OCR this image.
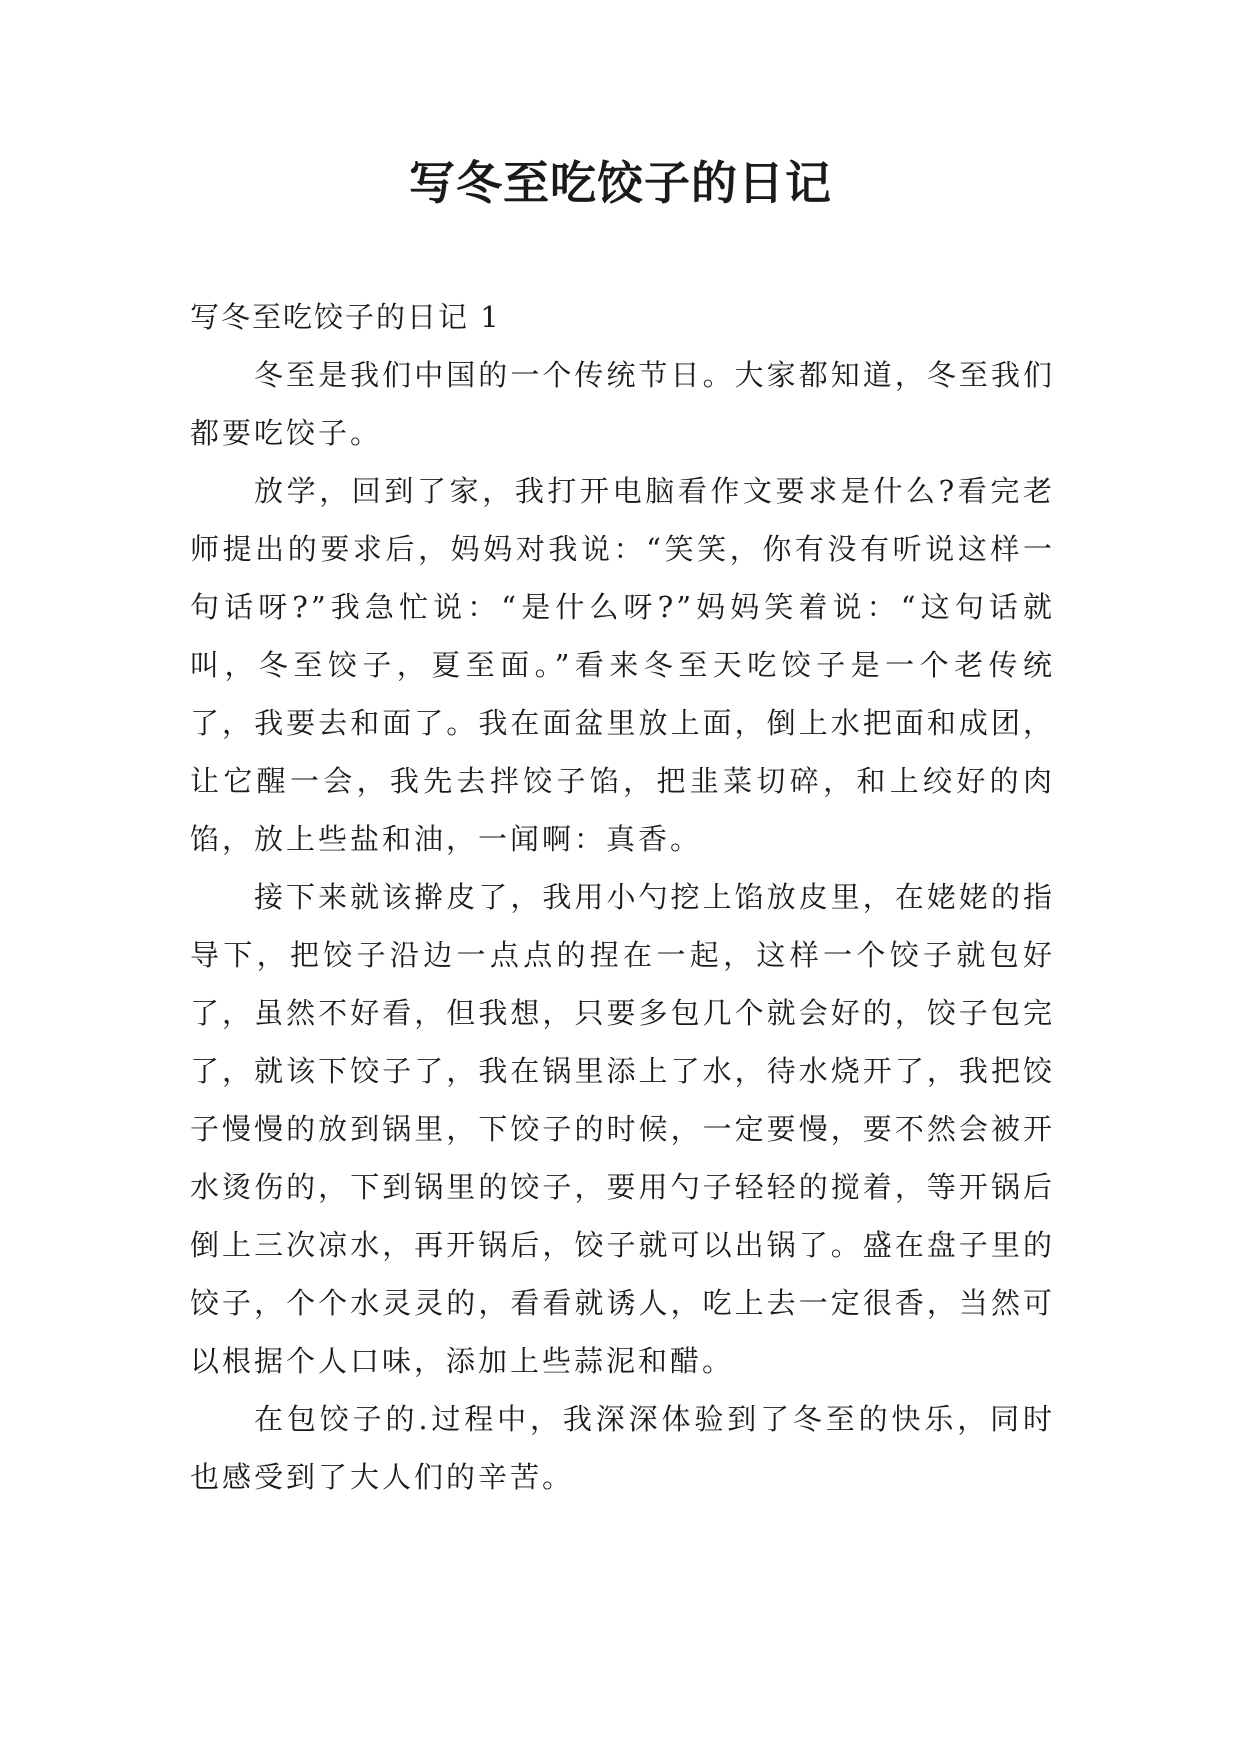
写冬至吃饺子的日记

写冬至吃饺子的日记 1

冬至是我们中国的一个传统节日。大家都知道，冬至我们都要吃饺子。

放学，回到了家，我打开电脑看作文要求是什么?看完老师提出的要求后，妈妈对我说：“笑笑，你有没有听说这样一句话呀?”我急忙说：“是什么呀?”妈妈笑着说：“这句话就叫，冬至饺子，夏至面。”看来冬至天吃饺子是一个老传统了，我要去和面了。我在面盆里放上面，倒上水把面和成团，让它醒一会，我先去拌饺子馅，把韭菜切碎，和上绞好的肉馅，放上些盐和油，一闻啊：真香。

接下来就该擀皮了，我用小勺挖上馅放皮里，在姥姥的指导下，把饺子沿边一点点的捏在一起，这样一个饺子就包好了，虽然不好看，但我想，只要多包几个就会好的，饺子包完了，就该下饺子了，我在锅里添上了水，待水烧开了，我把饺子慢慢的放到锅里，下饺子的时候，一定要慢，要不然会被开水烫伤的，下到锅里的饺子，要用勺子轻轻的搅着，等开锅后倒上三次凉水，再开锅后，饺子就可以出锅了。盛在盘子里的饺子，个个水灵灵的，看看就诱人，吃上去一定很香，当然可以根据个人口味，添加上些蒜泥和醋。

在包饺子的.过程中，我深深体验到了冬至的快乐，同时也感受到了大人们的辛苦。
